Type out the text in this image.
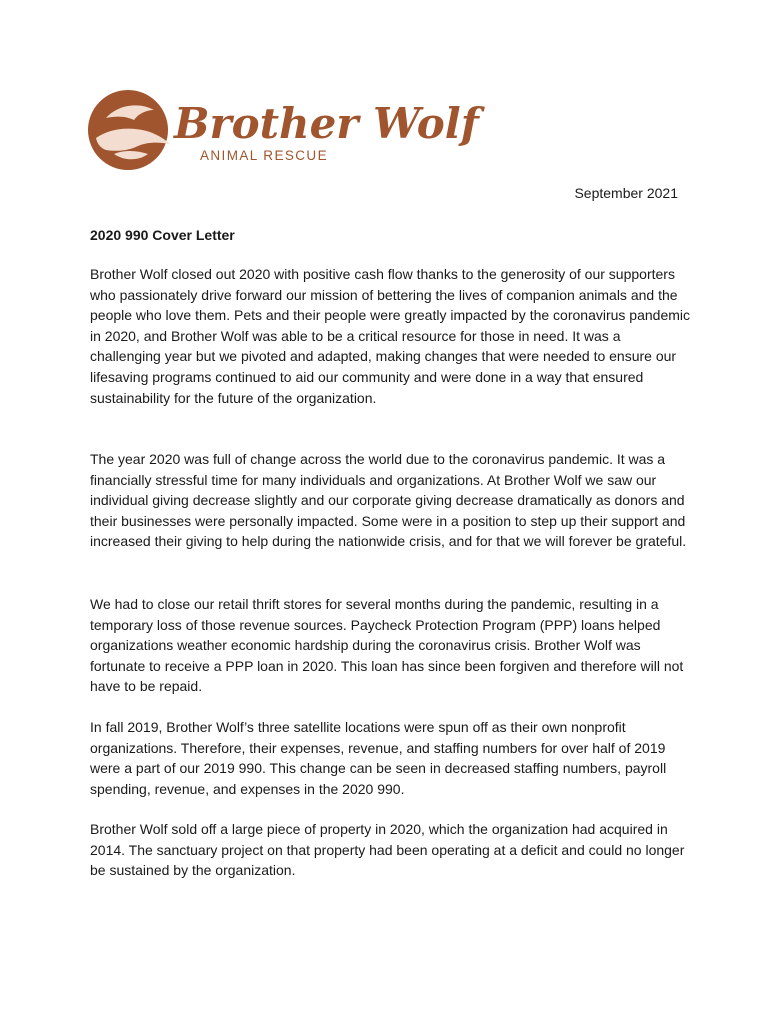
Brother Wolf
ANIMAL RESCUE
September 2021
2020 990 Cover Letter

Brother Wolf closed out 2020 with positive cash flow thanks to the generosity of our supporters who passionately drive forward our mission of bettering the lives of companion animals and the people who love them. Pets and their people were greatly impacted by the coronavirus pandemic in 2020, and Brother Wolf was able to be a critical resource for those in need. It was a challenging year but we pivoted and adapted, making changes that were needed to ensure our lifesaving programs continued to aid our community and were done in a way that ensured sustainability for the future of the organization.

The year 2020 was full of change across the world due to the coronavirus pandemic. It was a financially stressful time for many individuals and organizations. At Brother Wolf we saw our individual giving decrease slightly and our corporate giving decrease dramatically as donors and their businesses were personally impacted. Some were in a position to step up their support and increased their giving to help during the nationwide crisis, and for that we will forever be grateful.

We had to close our retail thrift stores for several months during the pandemic, resulting in a temporary loss of those revenue sources. Paycheck Protection Program (PPP) loans helped organizations weather economic hardship during the coronavirus crisis. Brother Wolf was fortunate to receive a PPP loan in 2020. This loan has since been forgiven and therefore will not have to be repaid.

In fall 2019, Brother Wolf’s three satellite locations were spun off as their own nonprofit organizations. Therefore, their expenses, revenue, and staffing numbers for over half of 2019 were a part of our 2019 990. This change can be seen in decreased staffing numbers, payroll spending, revenue, and expenses in the 2020 990.

Brother Wolf sold off a large piece of property in 2020, which the organization had acquired in 2014. The sanctuary project on that property had been operating at a deficit and could no longer be sustained by the organization.
